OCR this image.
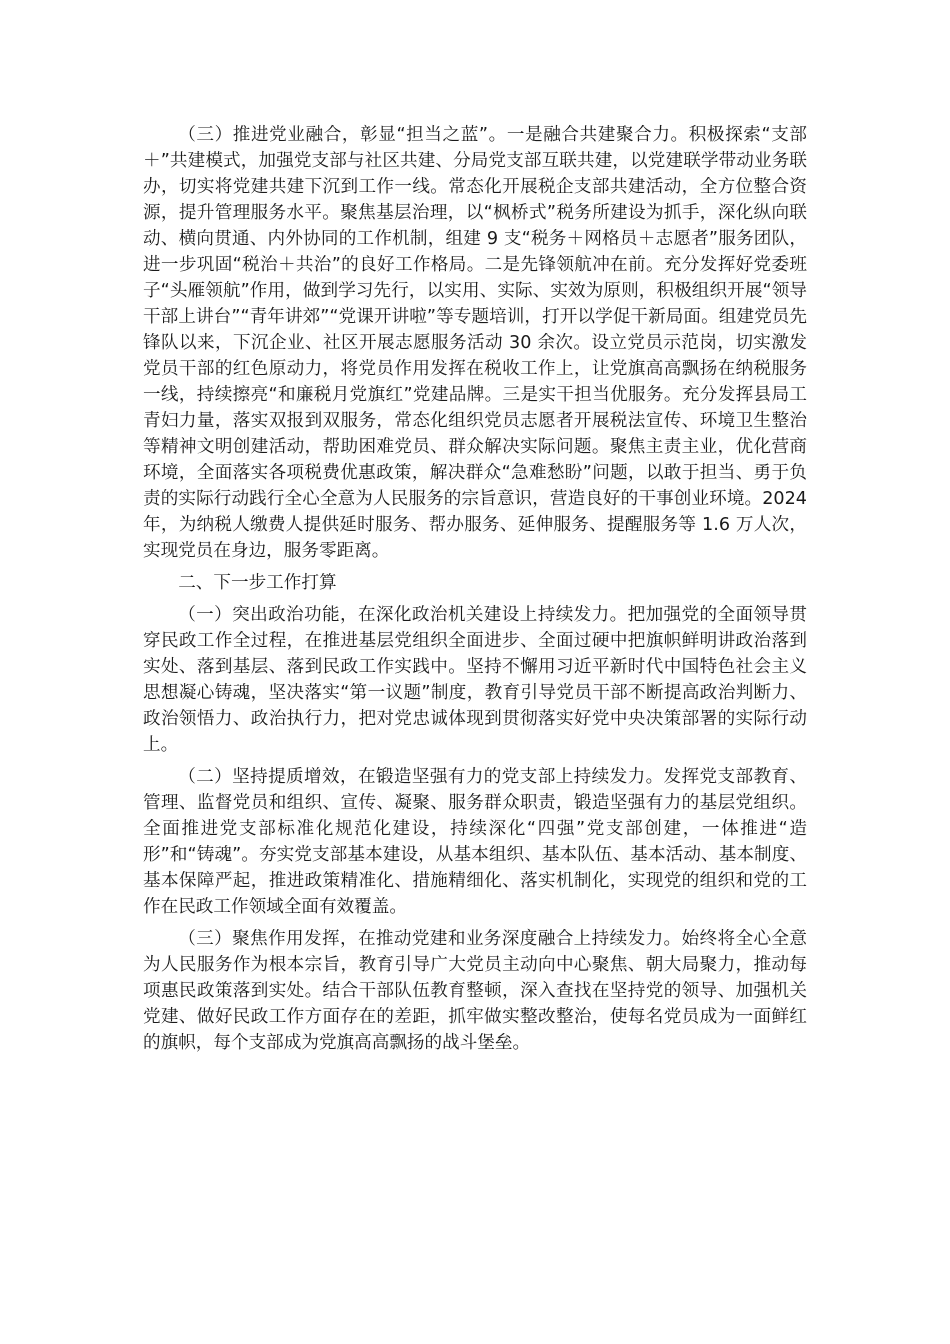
（三）推进党业融合，彰显“担当之蓝”。一是融合共建聚合力。积极探索“支部＋”共建模式，加强党支部与社区共建、分局党支部互联共建，以党建联学带动业务联办，切实将党建共建下沉到工作一线。常态化开展税企支部共建活动，全方位整合资源，提升管理服务水平。聚焦基层治理，以“枫桥式”税务所建设为抓手，深化纵向联动、横向贯通、内外协同的工作机制，组建 9 支“税务＋网格员＋志愿者”服务团队，进一步巩固“税治＋共治”的良好工作格局。二是先锋领航冲在前。充分发挥好党委班子“头雁领航”作用，做到学习先行，以实用、实际、实效为原则，积极组织开展“领导干部上讲台”“青年讲郊”“党课开讲啦”等专题培训，打开以学促干新局面。组建党员先锋队以来，下沉企业、社区开展志愿服务活动 30 余次。设立党员示范岗，切实激发党员干部的红色原动力，将党员作用发挥在税收工作上，让党旗高高飘扬在纳税服务一线，持续擦亮“和廉税月党旗红”党建品牌。三是实干担当优服务。充分发挥县局工青妇力量，落实双报到双服务，常态化组织党员志愿者开展税法宣传、环境卫生整治等精神文明创建活动，帮助困难党员、群众解决实际问题。聚焦主责主业，优化营商环境，全面落实各项税费优惠政策，解决群众“急难愁盼”问题，以敢于担当、勇于负责的实际行动践行全心全意为人民服务的宗旨意识，营造良好的干事创业环境。2024 年，为纳税人缴费人提供延时服务、帮办服务、延伸服务、提醒服务等 1.6 万人次，实现党员在身边，服务零距离。

二、下一步工作打算

（一）突出政治功能，在深化政治机关建设上持续发力。把加强党的全面领导贯穿民政工作全过程，在推进基层党组织全面进步、全面过硬中把旗帜鲜明讲政治落到实处、落到基层、落到民政工作实践中。坚持不懈用习近平新时代中国特色社会主义思想凝心铸魂，坚决落实“第一议题”制度，教育引导党员干部不断提高政治判断力、政治领悟力、政治执行力，把对党忠诚体现到贯彻落实好党中央决策部署的实际行动上。

（二）坚持提质增效，在锻造坚强有力的党支部上持续发力。发挥党支部教育、管理、监督党员和组织、宣传、凝聚、服务群众职责，锻造坚强有力的基层党组织。全面推进党支部标准化规范化建设，持续深化“四强”党支部创建，一体推进“造形”和“铸魂”。夯实党支部基本建设，从基本组织、基本队伍、基本活动、基本制度、基本保障严起，推进政策精准化、措施精细化、落实机制化，实现党的组织和党的工作在民政工作领域全面有效覆盖。

（三）聚焦作用发挥，在推动党建和业务深度融合上持续发力。始终将全心全意为人民服务作为根本宗旨，教育引导广大党员主动向中心聚焦、朝大局聚力，推动每项惠民政策落到实处。结合干部队伍教育整顿，深入查找在坚持党的领导、加强机关党建、做好民政工作方面存在的差距，抓牢做实整改整治，使每名党员成为一面鲜红的旗帜，每个支部成为党旗高高飘扬的战斗堡垒。
